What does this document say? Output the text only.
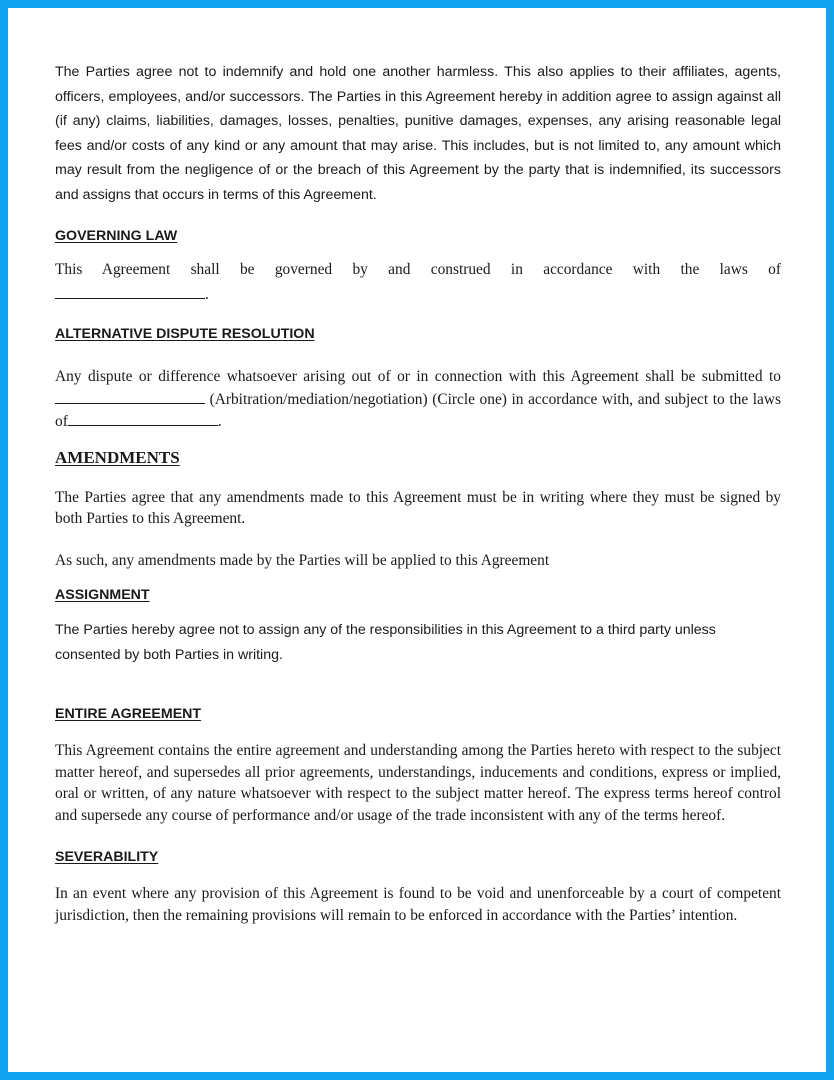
The Parties agree not to indemnify and hold one another harmless. This also applies to their affiliates, agents, officers, employees, and/or successors. The Parties in this Agreement hereby in addition agree to assign against all (if any) claims, liabilities, damages, losses, penalties, punitive damages, expenses, any arising reasonable legal fees and/or costs of any kind or any amount that may arise. This includes, but is not limited to, any amount which may result from the negligence of or the breach of this Agreement by the party that is indemnified, its successors and assigns that occurs in terms of this Agreement.

GOVERNING LAW

This Agreement shall be governed by and construed in accordance with the laws of
.

ALTERNATIVE DISPUTE RESOLUTION

Any dispute or difference whatsoever arising out of or in connection with this Agreement shall be submitted to  (Arbitration/mediation/negotiation) (Circle one) in accordance with, and subject to the laws of	.

AMENDMENTS

The Parties agree that any amendments made to this Agreement must be in writing where they must be signed by both Parties to this Agreement.

As such, any amendments made by the Parties will be applied to this Agreement

ASSIGNMENT

The Parties hereby agree not to assign any of the responsibilities in this Agreement to a third party unless consented by both Parties in writing.

ENTIRE AGREEMENT

This Agreement contains the entire agreement and understanding among the Parties hereto with respect to the subject matter hereof, and supersedes all prior agreements, understandings, inducements and conditions, express or implied, oral or written, of any nature whatsoever with respect to the subject matter hereof. The express terms hereof control and supersede any course of performance and/or usage of the trade inconsistent with any of the terms hereof.

SEVERABILITY

In an event where any provision of this Agreement is found to be void and unenforceable by a court of competent jurisdiction, then the remaining provisions will remain to be enforced in accordance with the Parties’ intention.
